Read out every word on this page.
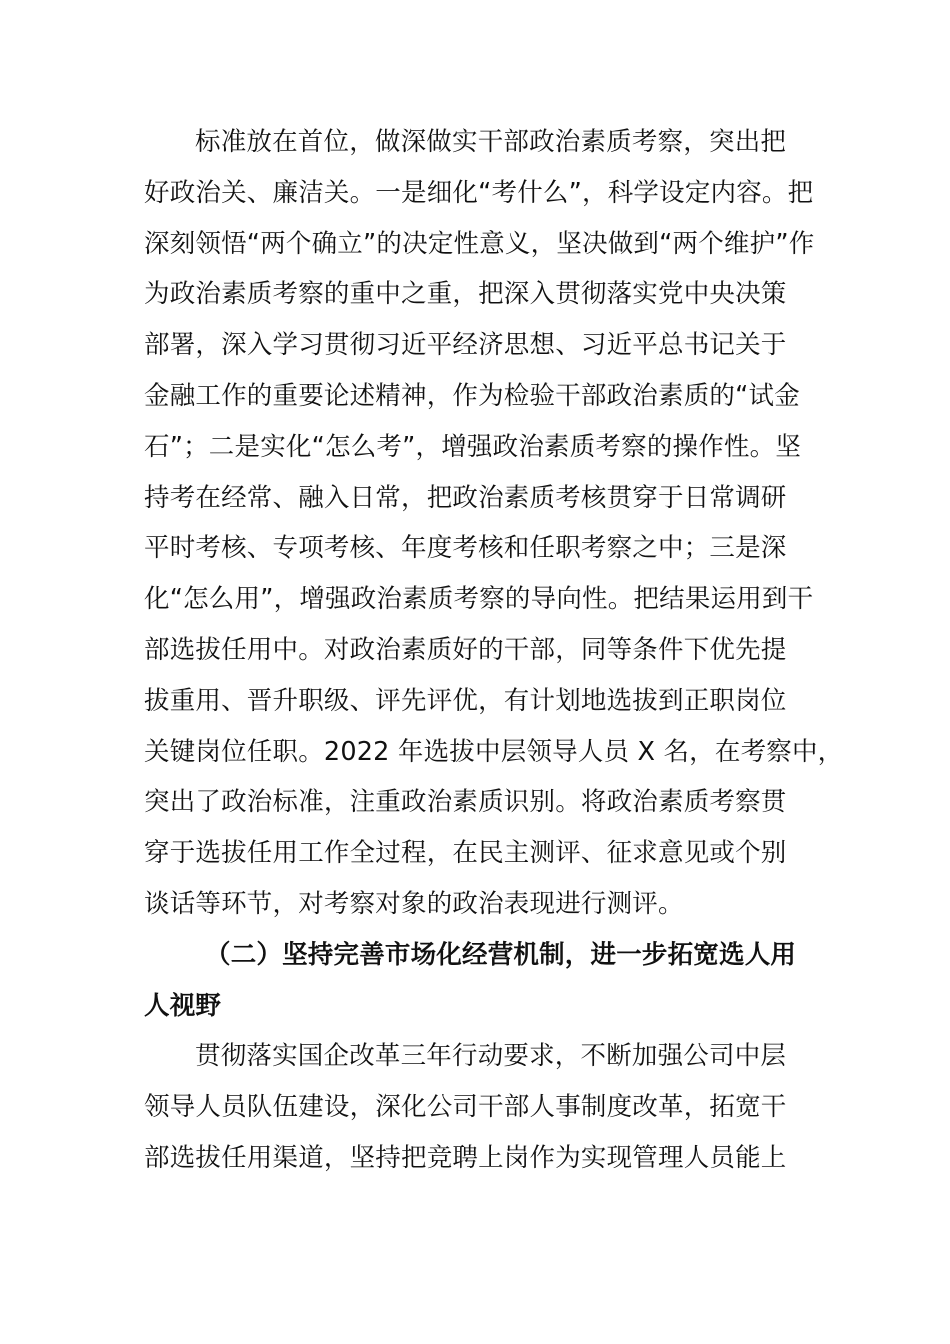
标准放在首位，做深做实干部政治素质考察，突出把
好政治关、廉洁关。一是细化“考什么”，科学设定内容。把
深刻领悟“两个确立”的决定性意义，坚决做到“两个维护”作
为政治素质考察的重中之重，把深入贯彻落实党中央决策
部署，深入学习贯彻习近平经济思想、习近平总书记关于
金融工作的重要论述精神，作为检验干部政治素质的“试金
石”；二是实化“怎么考”，增强政治素质考察的操作性。坚
持考在经常、融入日常，把政治素质考核贯穿于日常调研
平时考核、专项考核、年度考核和任职考察之中；三是深
化“怎么用”，增强政治素质考察的导向性。把结果运用到干
部选拔任用中。对政治素质好的干部，同等条件下优先提
拔重用、晋升职级、评先评优，有计划地选拔到正职岗位
关键岗位任职。2022 年选拔中层领导人员 X 名，在考察中，
突出了政治标准，注重政治素质识别。将政治素质考察贯
穿于选拔任用工作全过程，在民主测评、征求意见或个别
谈话等环节，对考察对象的政治表现进行测评。
（二）坚持完善市场化经营机制，进一步拓宽选人用
人视野
贯彻落实国企改革三年行动要求，不断加强公司中层
领导人员队伍建设，深化公司干部人事制度改革，拓宽干
部选拔任用渠道，坚持把竞聘上岗作为实现管理人员能上
